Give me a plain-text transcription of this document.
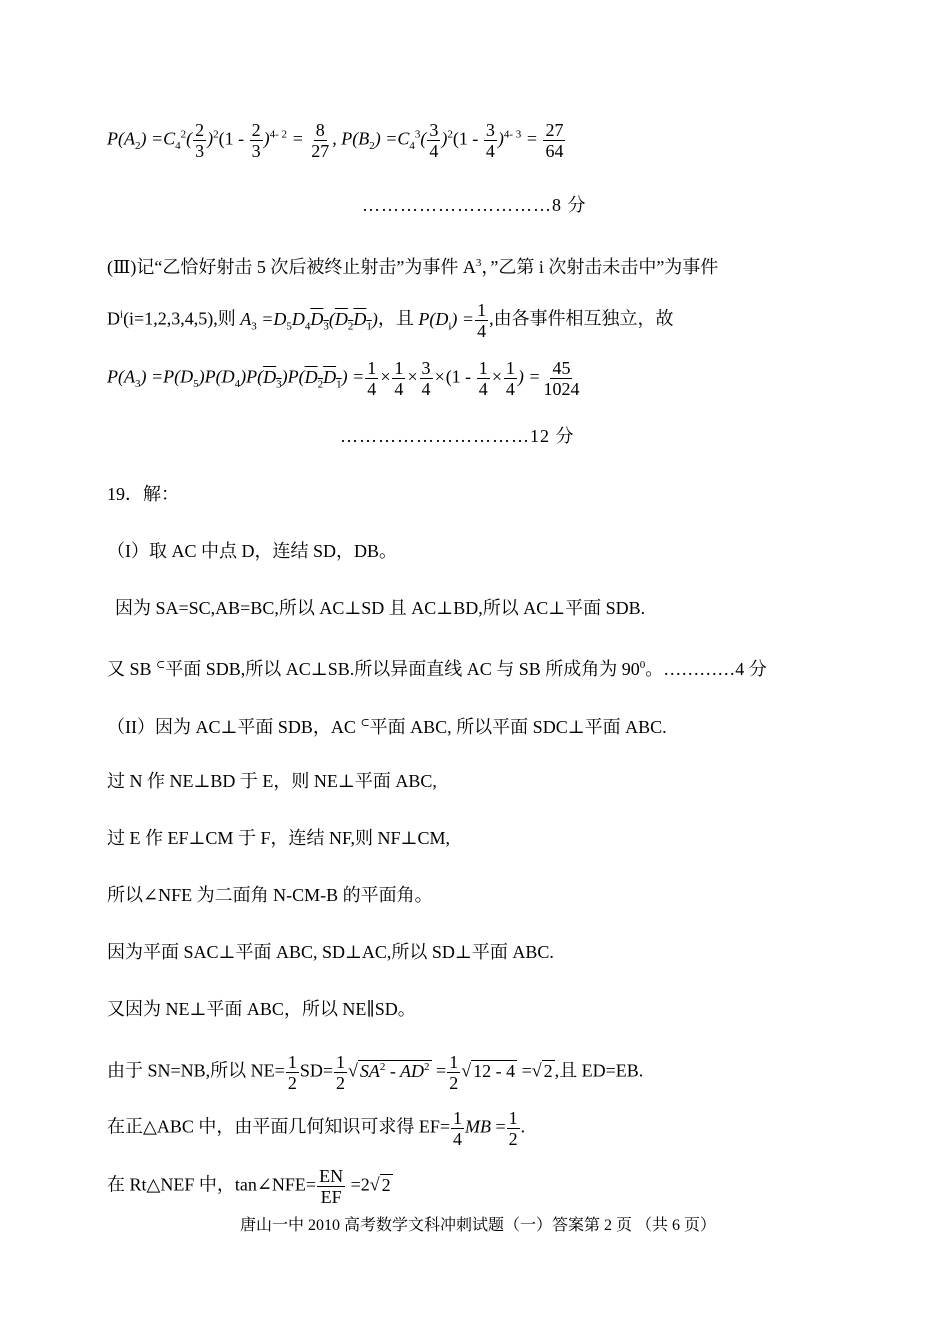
$P(A_2) =C_4^2( \frac{2}{3} )^2(1 - \frac{2}{3} )^{4- 2} = \frac{8}{27}$ , $P(B_2) =C_4^3( \frac{3}{4} )^2(1 - \frac{3}{4} )^{4- 3} = \frac{27}{64}$
…………………………8 分
(Ⅲ)记“乙恰好射击 5 次后被终止射击”为事件 $A^3$，”乙第 i 次射击未击中”为事件
$D^i(i=1,2,3,4,5)$,则 $A_3 =D_5D_4D_3(D_2D_1)$，且 $P(D_i) = \frac{1}{4}$ ,由各事件相互独立，故
$P(A_3) =P(D_5)P(D_4)P(D_3)P(D_2D_1) = \frac{1}{4} \times \frac{1}{4} \times \frac{3}{4} \times(1 - \frac{1}{4} \times \frac{1}{4}$ ) = $\frac{45}{1024}$
…………………………12 分
19．解：
（I）取 AC 中点 D，连结 SD，DB。
因为 SA=SC,AB=BC,所以 AC⊥SD 且 AC⊥BD,所以 AC⊥平面 SDB.
又 SB ⊂平面 SDB,所以 AC⊥SB.所以异面直线 AC 与 SB 所成角为 $90^0$。…………4 分
（II）因为 AC⊥平面 SDB，AC ⊂平面 ABC, 所以平面 SDC⊥平面 ABC.
过 N 作 NE⊥BD 于 E，则 NE⊥平面 ABC,
过 E 作 EF⊥CM 于 F，连结 NF,则 NF⊥CM,
所以∠NFE 为二面角 N-CM-B 的平面角。
因为平面 SAC⊥平面 ABC, SD⊥AC,所以 SD⊥平面 ABC.
又因为 NE⊥平面 ABC，所以 NE∥SD。
由于 SN=NB,所以 $NE= \frac{1}{2} SD= \frac{1}{2}$ √ $SA^2 - AD^2 = \frac{1}{2}$ √ 12 - 4 =√ 2 ,且 ED=EB.
在正△ABC 中，由平面几何知识可求得 $EF= \frac{1}{4}$ MB = $\frac{1}{2}$ .
在 Rt△NEF 中，tan∠NFE= $\frac{EN}{EF} =2√$ 2
唐山一中 2010 高考数学文科冲刺试题（一）答案第 2 页 （共 6 页）
